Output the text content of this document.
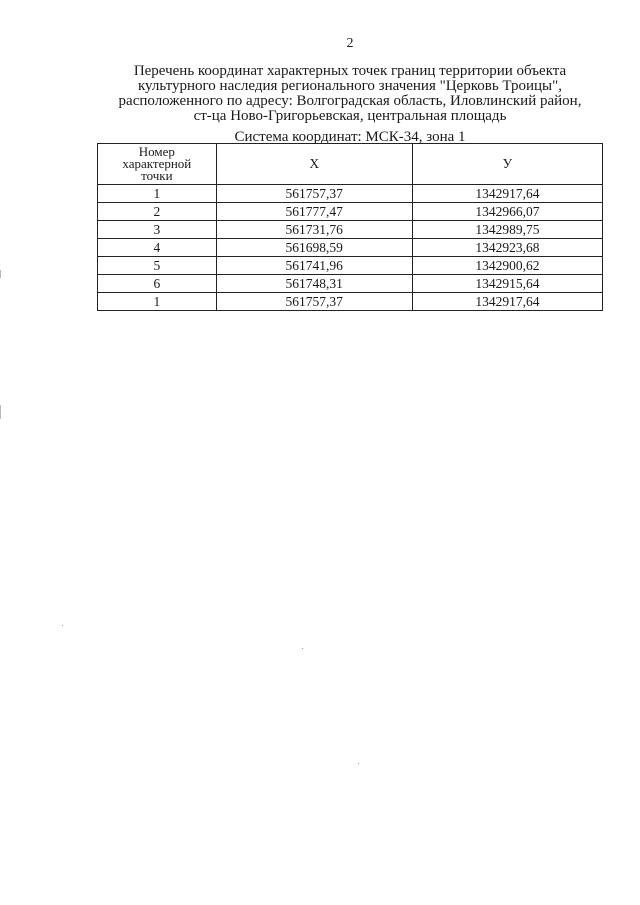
2
Перечень координат характерных точек границ территории объекта
культурного наследия регионального значения "Церковь Троицы",
расположенного по адресу: Волгоградская область, Иловлинский район,
ст-ца Ново-Григорьевская, центральная площадь
Система координат: МСК-34, зона 1
Номер
характерной
точки	X	У
1	561757,37	1342917,64
2	561777,47	1342966,07
3	561731,76	1342989,75
4	561698,59	1342923,68
5	561741,96	1342900,62
6	561748,31	1342915,64
1	561757,37	1342917,64
